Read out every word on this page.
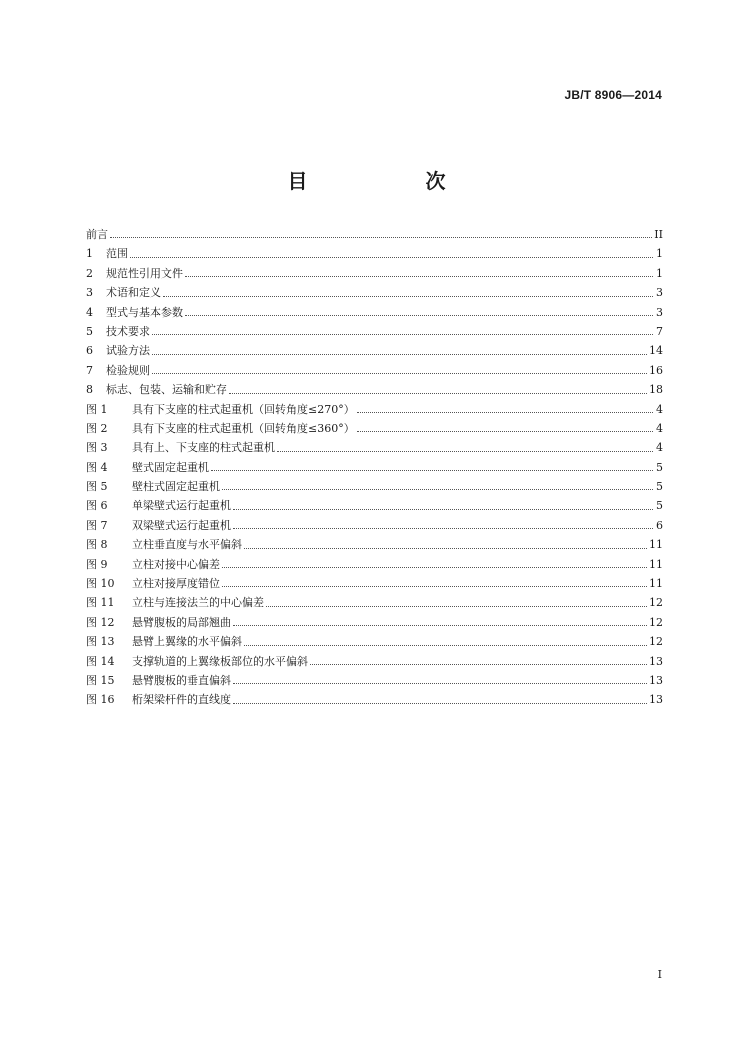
JB/T 8906—2014
目　　次
前言	II
1	范围	1
2	规范性引用文件	1
3	术语和定义	3
4	型式与基本参数	3
5	技术要求	7
6	试验方法	14
7	检验规则	16
8	标志、包装、运输和贮存	18
图 1	具有下支座的柱式起重机（回转角度≤270°）	4
图 2	具有下支座的柱式起重机（回转角度≤360°）	4
图 3	具有上、下支座的柱式起重机	4
图 4	壁式固定起重机	5
图 5	壁柱式固定起重机	5
图 6	单梁壁式运行起重机	5
图 7	双梁壁式运行起重机	6
图 8	立柱垂直度与水平偏斜	11
图 9	立柱对接中心偏差	11
图 10	立柱对接厚度错位	11
图 11	立柱与连接法兰的中心偏差	12
图 12	悬臂腹板的局部翘曲	12
图 13	悬臂上翼缘的水平偏斜	12
图 14	支撑轨道的上翼缘板部位的水平偏斜	13
图 15	悬臂腹板的垂直偏斜	13
图 16	桁架梁杆件的直线度	13
I
